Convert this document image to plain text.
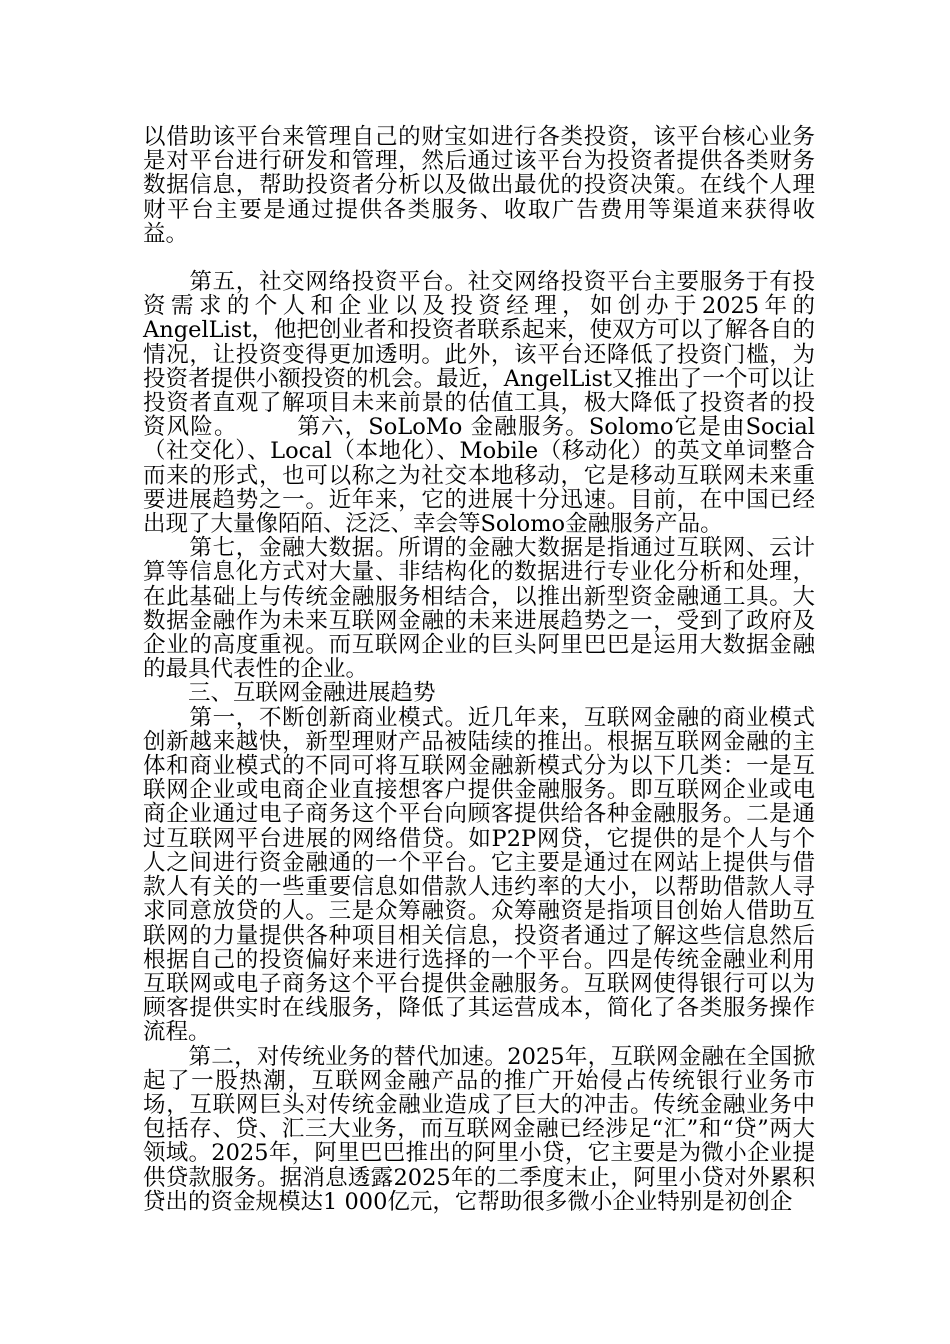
以借助该平台来管理自己的财宝如进行各类投资，该平台核心业务是对平台进行研发和管理，然后通过该平台为投资者提供各类财务数据信息，帮助投资者分析以及做出最优的投资决策。在线个人理财平台主要是通过提供各类服务、收取广告费用等渠道来获得收益。

　　第五，社交网络投资平台。社交网络投资平台主要服务于有投资需求的个人和企业以及投资经理，如创办于2025年的AngelList，他把创业者和投资者联系起来，使双方可以了解各自的情况，让投资变得更加透明。此外，该平台还降低了投资门槛，为投资者提供小额投资的机会。最近，AngelList又推出了一个可以让投资者直观了解项目未来前景的估值工具，极大降低了投资者的投资风险。　　　第六，SoLoMo 金融服务。Solomo它是由Social（社交化）、Local（本地化）、Mobile（移动化）的英文单词整合而来的形式，也可以称之为社交本地移动，它是移动互联网未来重要进展趋势之一。近年来，它的进展十分迅速。目前，在中国已经出现了大量像陌陌、泛泛、幸会等Solomo金融服务产品。

　　第七，金融大数据。所谓的金融大数据是指通过互联网、云计算等信息化方式对大量、非结构化的数据进行专业化分析和处理，在此基础上与传统金融服务相结合，以推出新型资金融通工具。大数据金融作为未来互联网金融的未来进展趋势之一，受到了政府及企业的高度重视。而互联网企业的巨头阿里巴巴是运用大数据金融的最具代表性的企业。

　　三、互联网金融进展趋势

　　第一，不断创新商业模式。近几年来，互联网金融的商业模式创新越来越快，新型理财产品被陆续的推出。根据互联网金融的主体和商业模式的不同可将互联网金融新模式分为以下几类：一是互联网企业或电商企业直接想客户提供金融服务。即互联网企业或电商企业通过电子商务这个平台向顾客提供给各种金融服务。二是通过互联网平台进展的网络借贷。如P2P网贷，它提供的是个人与个人之间进行资金融通的一个平台。它主要是通过在网站上提供与借款人有关的一些重要信息如借款人违约率的大小，以帮助借款人寻求同意放贷的人。三是众筹融资。众筹融资是指项目创始人借助互联网的力量提供各种项目相关信息，投资者通过了解这些信息然后根据自己的投资偏好来进行选择的一个平台。四是传统金融业利用互联网或电子商务这个平台提供金融服务。互联网使得银行可以为顾客提供实时在线服务，降低了其运营成本，简化了各类服务操作流程。

　　第二，对传统业务的替代加速。2025年，互联网金融在全国掀起了一股热潮，互联网金融产品的推广开始侵占传统银行业务市场，互联网巨头对传统金融业造成了巨大的冲击。传统金融业务中包括存、贷、汇三大业务，而互联网金融已经涉足“汇”和“贷”两大领域。2025年，阿里巴巴推出的阿里小贷，它主要是为微小企业提供贷款服务。据消息透露2025年的二季度末止，阿里小贷对外累积贷出的资金规模达1 000亿元，它帮助很多微小企业特别是初创企
